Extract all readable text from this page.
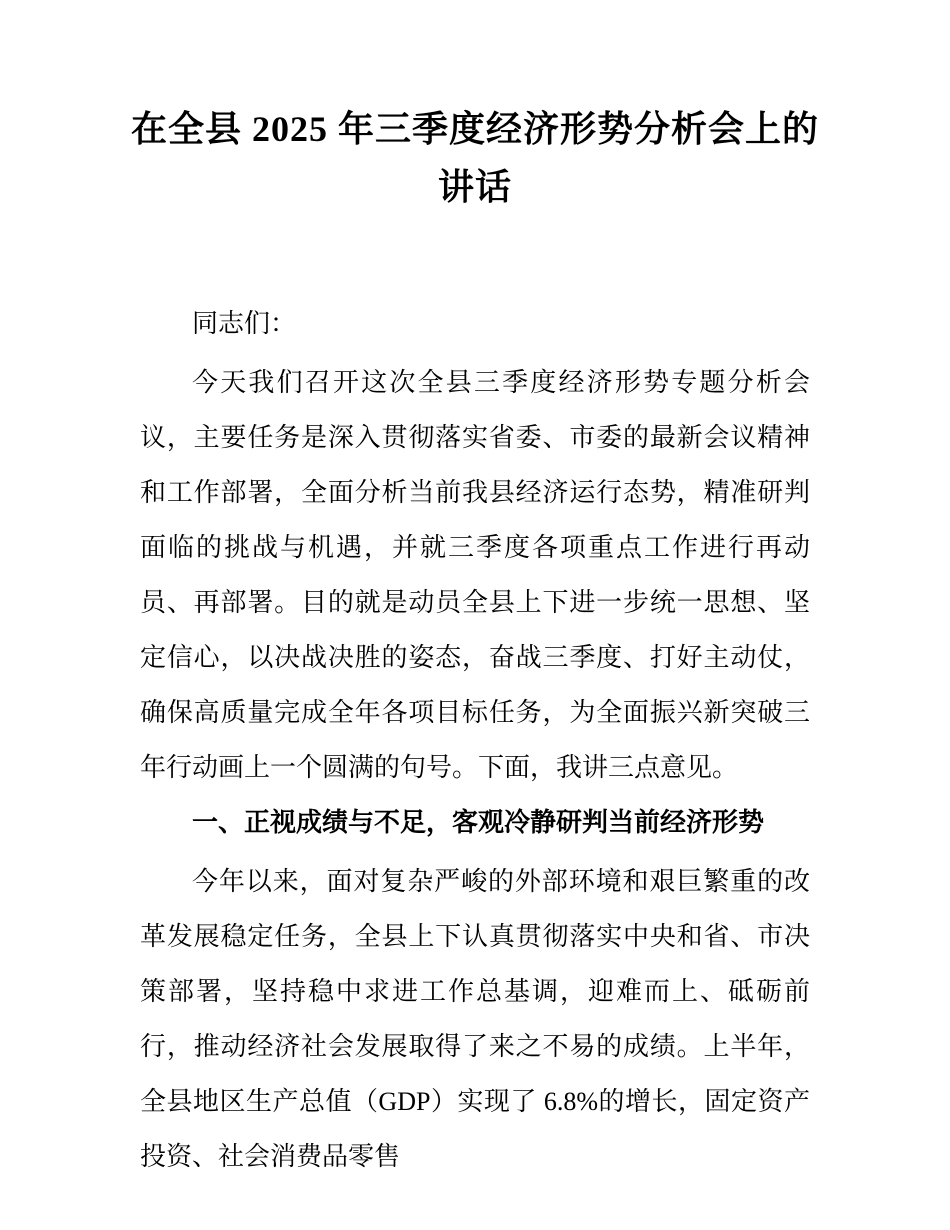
在全县 2025 年三季度经济形势分析会上的讲话

同志们：

今天我们召开这次全县三季度经济形势专题分析会议，主要任务是深入贯彻落实省委、市委的最新会议精神和工作部署，全面分析当前我县经济运行态势，精准研判面临的挑战与机遇，并就三季度各项重点工作进行再动员、再部署。目的就是动员全县上下进一步统一思想、坚定信心，以决战决胜的姿态，奋战三季度、打好主动仗，确保高质量完成全年各项目标任务，为全面振兴新突破三年行动画上一个圆满的句号。下面，我讲三点意见。

一、正视成绩与不足，客观冷静研判当前经济形势

今年以来，面对复杂严峻的外部环境和艰巨繁重的改革发展稳定任务，全县上下认真贯彻落实中央和省、市决策部署，坚持稳中求进工作总基调，迎难而上、砥砺前行，推动经济社会发展取得了来之不易的成绩。上半年，全县地区生产总值（GDP）实现了 6.8%的增长，固定资产投资、社会消费品零售
